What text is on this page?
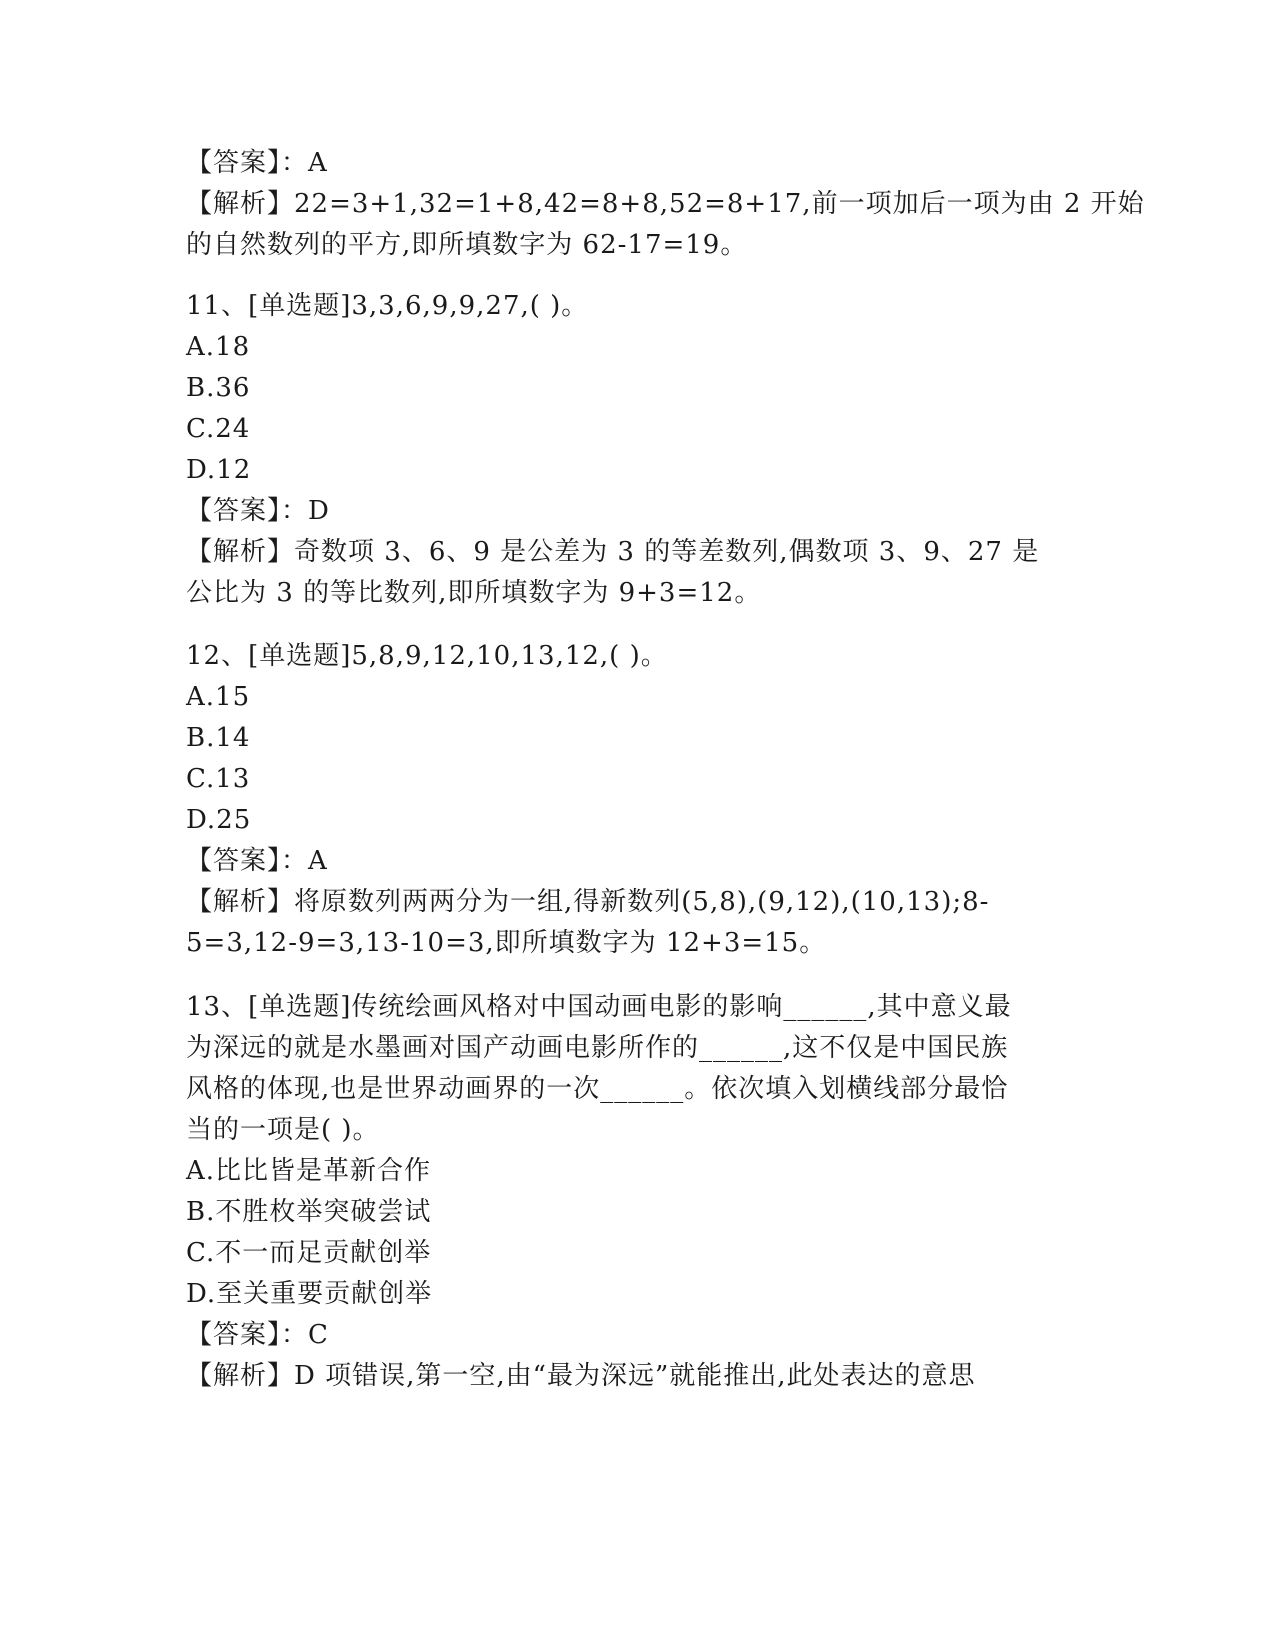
【答案】：A
【解析】22=3+1,32=1+8,42=8+8,52=8+17,前一项加后一项为由 2 开始
的自然数列的平方,即所填数字为 62-17=19。
11、[单选题]3,3,6,9,9,27,( )。
A.18
B.36
C.24
D.12
【答案】：D
【解析】奇数项 3、6、9 是公差为 3 的等差数列,偶数项 3、9、27 是
公比为 3 的等比数列,即所填数字为 9+3=12。
12、[单选题]5,8,9,12,10,13,12,( )。
A.15
B.14
C.13
D.25
【答案】：A
【解析】将原数列两两分为一组,得新数列(5,8),(9,12),(10,13);8-
5=3,12-9=3,13-10=3,即所填数字为 12+3=15。
13、[单选题]传统绘画风格对中国动画电影的影响______,其中意义最
为深远的就是水墨画对国产动画电影所作的______,这不仅是中国民族
风格的体现,也是世界动画界的一次______。依次填入划横线部分最恰
当的一项是( )。
A.比比皆是革新合作
B.不胜枚举突破尝试
C.不一而足贡献创举
D.至关重要贡献创举
【答案】：C
【解析】D 项错误,第一空,由“最为深远”就能推出,此处表达的意思
